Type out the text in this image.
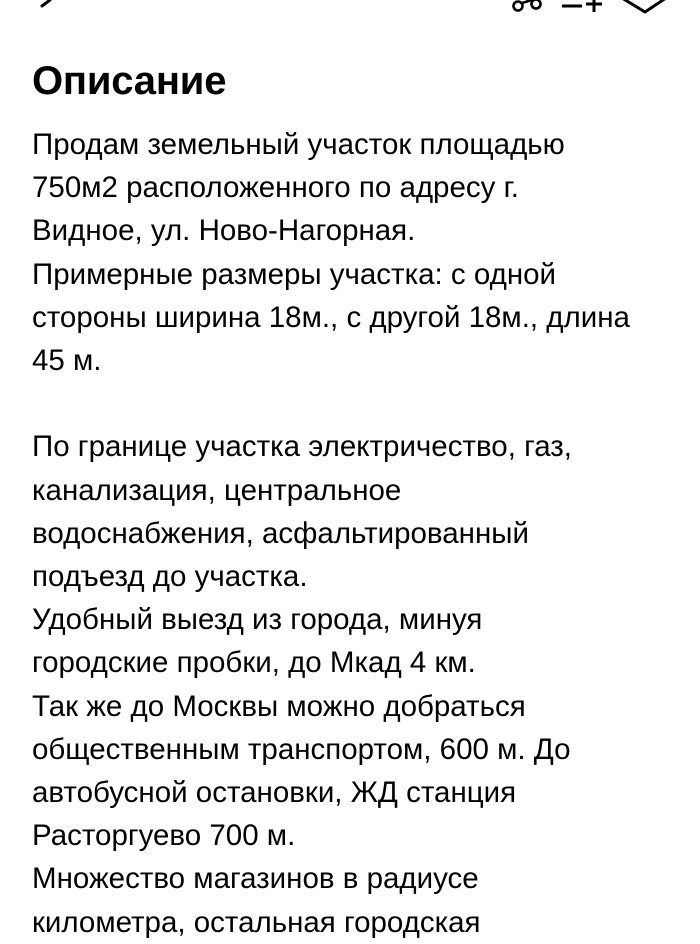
Описание

Продам земельный участок площадью

750м2 расположенного по адресу г.

Видное, ул. Ново-Нагорная.

Примерные размеры участка: с одной

стороны ширина 18м., с другой 18м., длина

45 м.

По границе участка электричество, газ,

канализация, центральное

водоснабжения, асфальтированный

подъезд до участка.

Удобный выезд из города, минуя

городские пробки, до Мкад 4 км.

Так же до Москвы можно добраться

общественным транспортом, 600 м. До

автобусной остановки, ЖД станция

Расторгуево 700 м.

Множество магазинов в радиусе

километра, остальная городская
